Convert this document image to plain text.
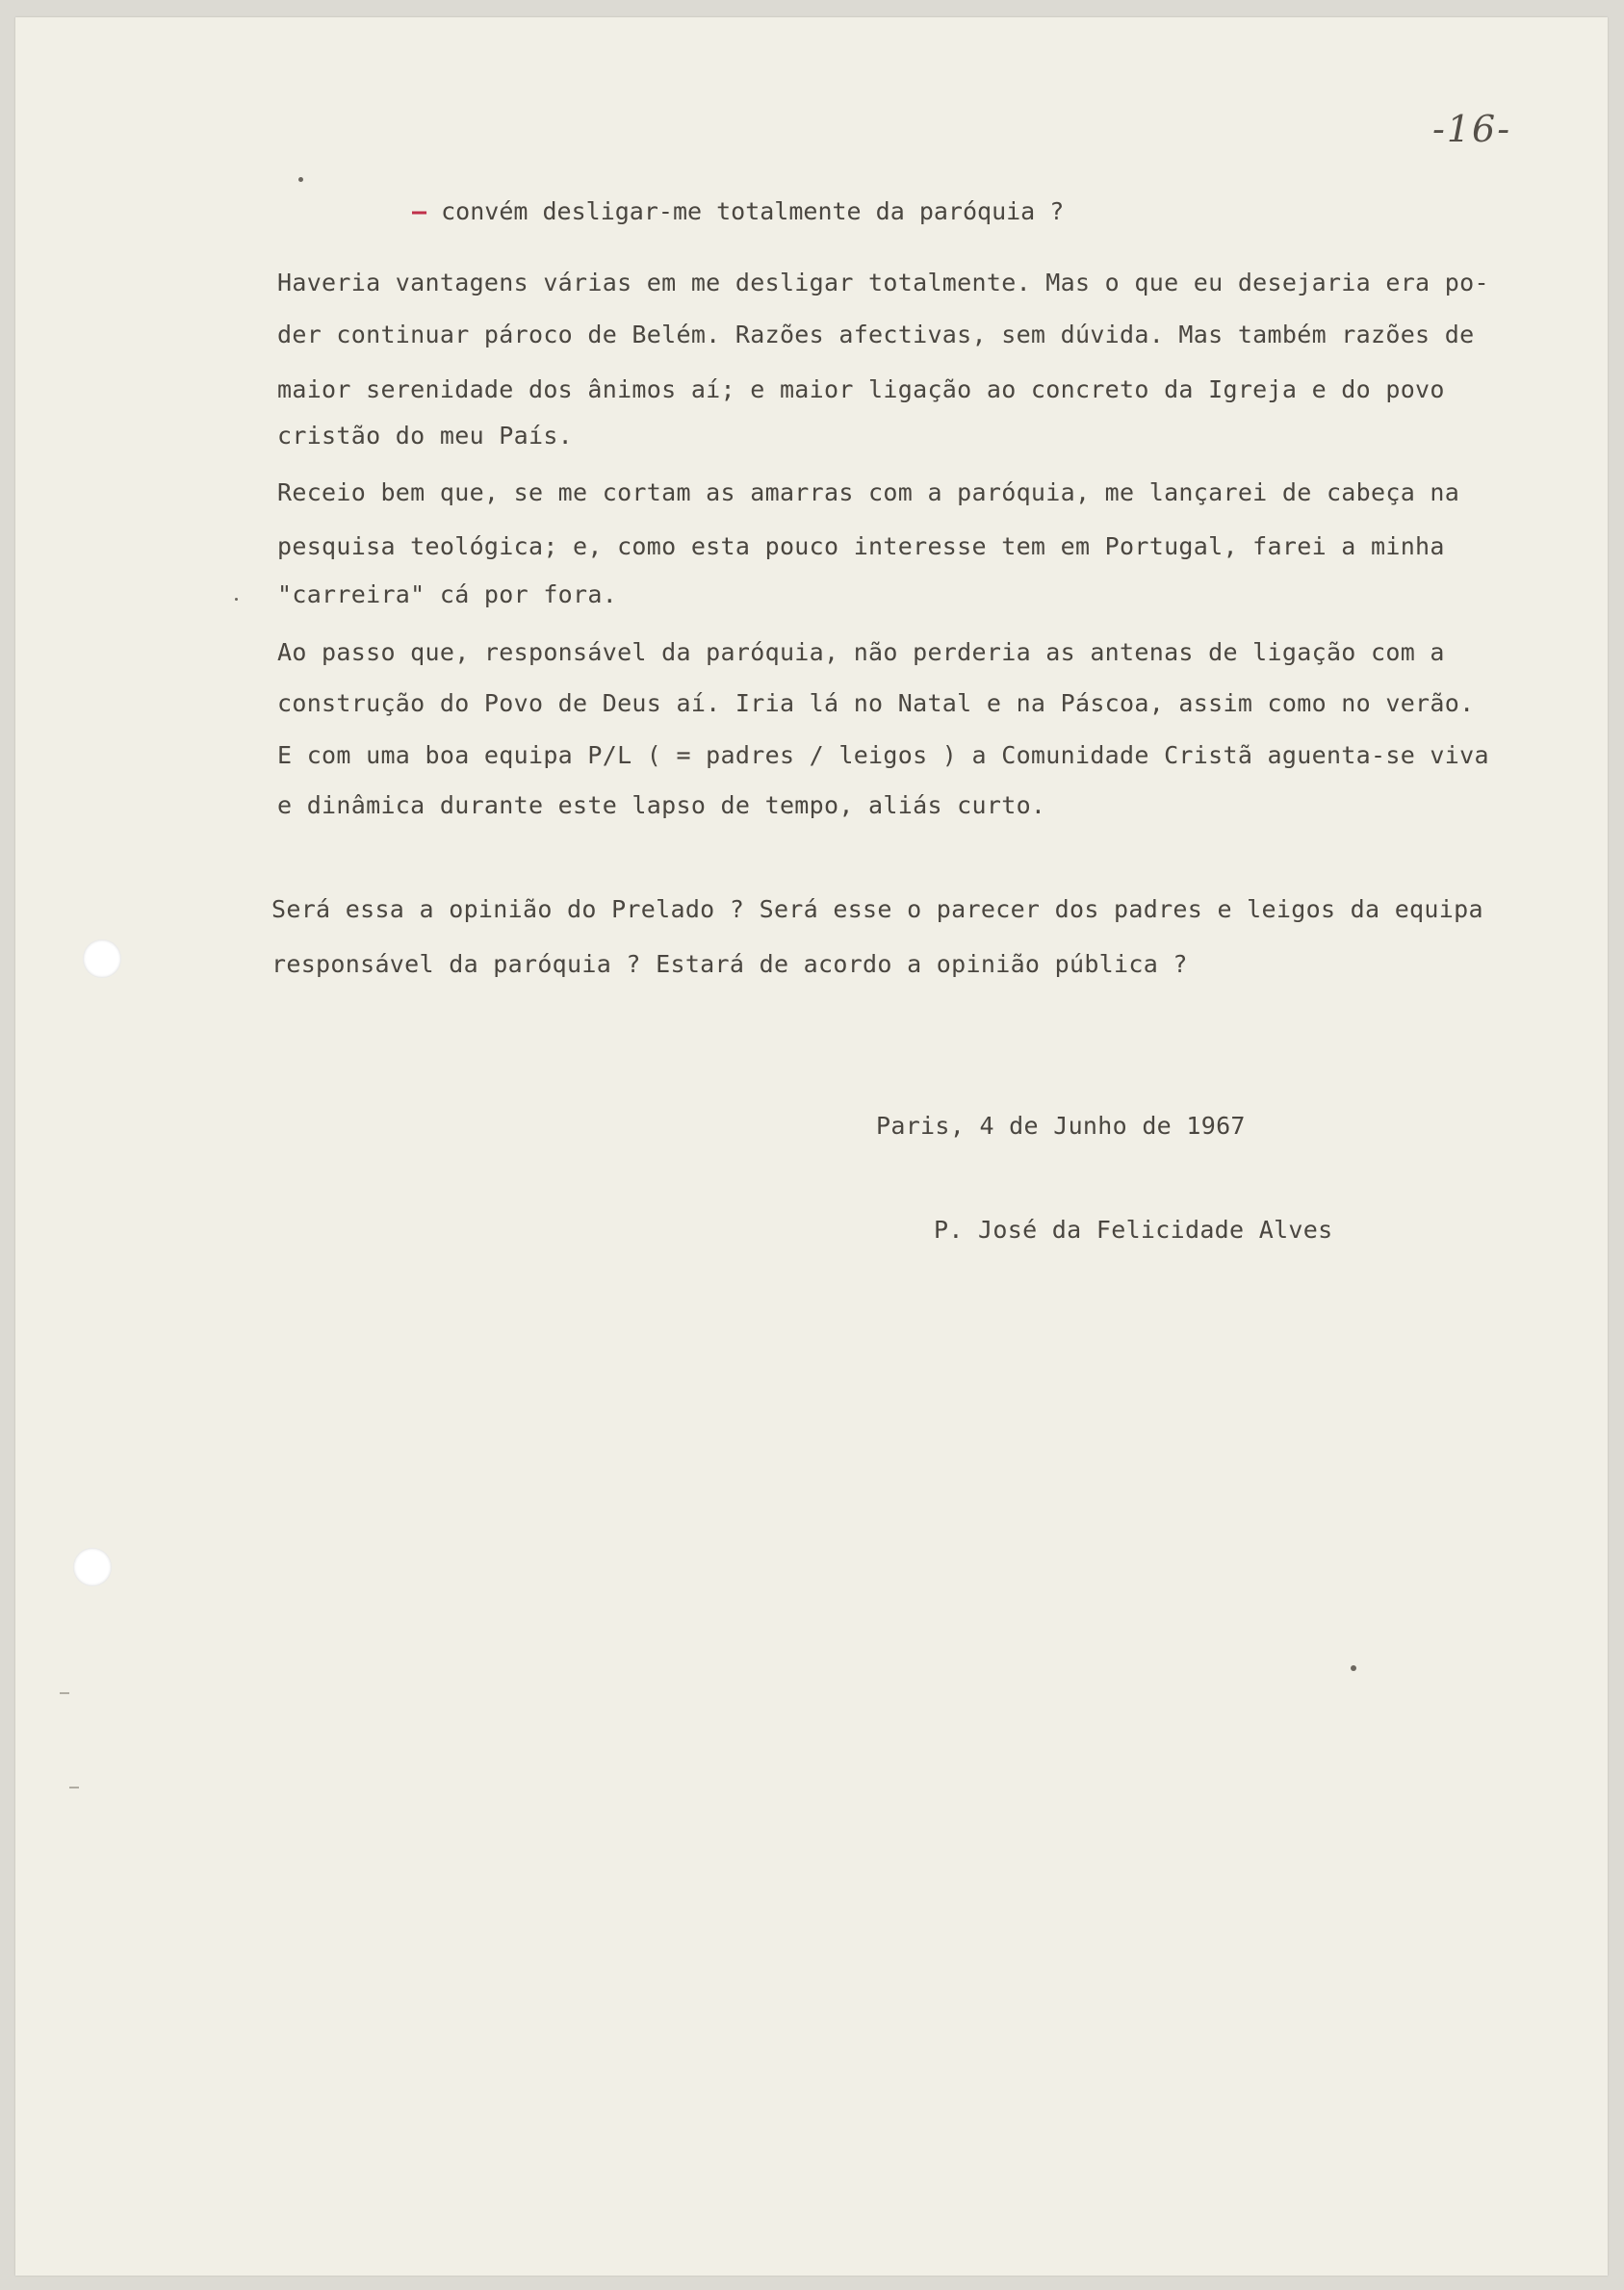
-16-
– convém desligar-me totalmente da paróquia ?
Haveria vantagens várias em me desligar totalmente. Mas o que eu desejaria era po-
der continuar pároco de Belém. Razões afectivas, sem dúvida. Mas também razões de
maior serenidade dos ânimos aí; e maior ligação ao concreto da Igreja e do povo
cristão do meu País.
Receio bem que, se me cortam as amarras com a paróquia, me lançarei de cabeça na
pesquisa teológica; e, como esta pouco interesse tem em Portugal, farei a minha
"carreira" cá por fora.
Ao passo que, responsável da paróquia, não perderia as antenas de ligação com a
construção do Povo de Deus aí. Iria lá no Natal e na Páscoa, assim como no verão.
E com uma boa equipa P/L ( = padres / leigos ) a Comunidade Cristã aguenta-se viva
e dinâmica durante este lapso de tempo, aliás curto.
Será essa a opinião do Prelado ? Será esse o parecer dos padres e leigos da equipa
responsável da paróquia ? Estará de acordo a opinião pública ?
Paris, 4 de Junho de 1967
P. José da Felicidade Alves
